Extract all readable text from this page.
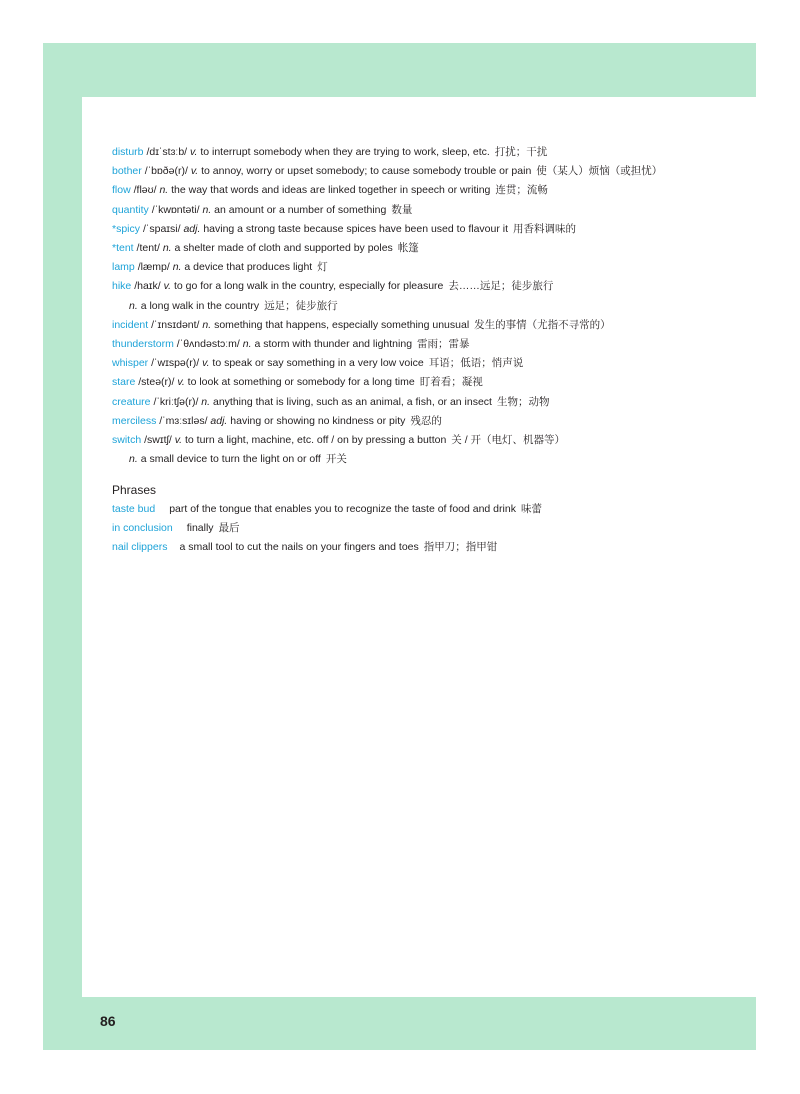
disturb /dɪˈstɜːb/ v. to interrupt somebody when they are trying to work, sleep, etc. 打扰；干扰
bother /ˈbɒðə(r)/ v. to annoy, worry or upset somebody; to cause somebody trouble or pain 使（某人）烦恼（或担忧）
flow /fləʊ/ n. the way that words and ideas are linked together in speech or writing 连贯；流畅
quantity /ˈkwɒntəti/ n. an amount or a number of something 数量
*spicy /ˈspaɪsi/ adj. having a strong taste because spices have been used to flavour it 用香料调味的
*tent /tent/ n. a shelter made of cloth and supported by poles 帐篷
lamp /læmp/ n. a device that produces light 灯
hike /haɪk/ v. to go for a long walk in the country, especially for pleasure 去……远足；徒步旅行
n. a long walk in the country 远足；徒步旅行
incident /ˈɪnsɪdənt/ n. something that happens, especially something unusual 发生的事情（尤指不寻常的）
thunderstorm /ˈθʌndəstɔːm/ n. a storm with thunder and lightning 雷雨；雷暴
whisper /ˈwɪspə(r)/ v. to speak or say something in a very low voice 耳语；低语；悄声说
stare /steə(r)/ v. to look at something or somebody for a long time 盯着看；凝视
creature /ˈkriːtʃə(r)/ n. anything that is living, such as an animal, a fish, or an insect 生物；动物
merciless /ˈmɜːsɪləs/ adj. having or showing no kindness or pity 残忍的
switch /swɪtʃ/ v. to turn a light, machine, etc. off / on by pressing a button 关 / 开（电灯、机器等）
n. a small device to turn the light on or off 开关
Phrases
taste bud part of the tongue that enables you to recognize the taste of food and drink 味蕾
in conclusion finally 最后
nail clippers a small tool to cut the nails on your fingers and toes 指甲刀；指甲钳
86
